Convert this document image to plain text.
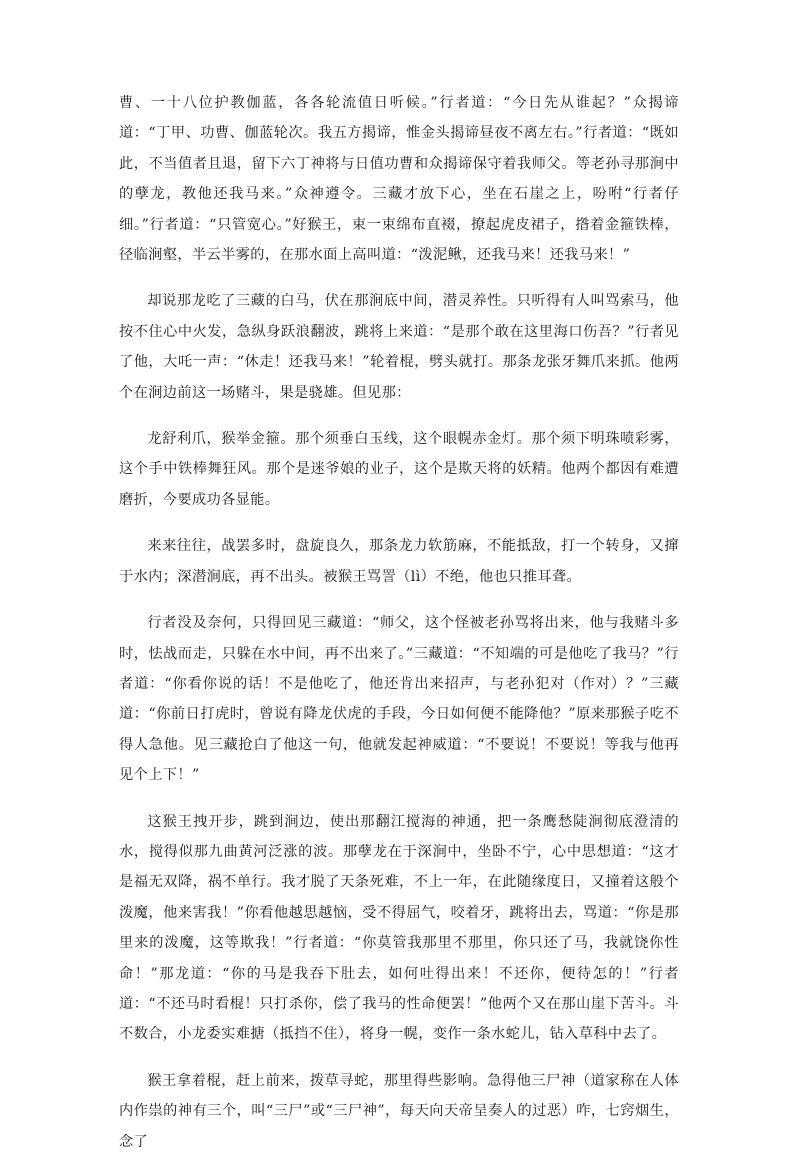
曹、一十八位护教伽蓝，各各轮流值日听候。”行者道：“今日先从谁起？”众揭谛道：“丁甲、功曹、伽蓝轮次。我五方揭谛，惟金头揭谛昼夜不离左右。”行者道：“既如此，不当值者且退，留下六丁神将与日值功曹和众揭谛保守着我师父。等老孙寻那涧中的孽龙，教他还我马来。”众神遵令。三藏才放下心，坐在石崖之上，吩咐“行者仔细。”行者道：“只管宽心。”好猴王，束一束绵布直裰，撩起虎皮裙子，揝着金箍铁棒，径临涧壑，半云半雾的，在那水面上高叫道：“泼泥鳅，还我马来！还我马来！”

却说那龙吃了三藏的白马，伏在那涧底中间，潜灵养性。只听得有人叫骂索马，他按不住心中火发，急纵身跃浪翻波，跳将上来道：“是那个敢在这里海口伤吾？”行者见了他，大吒一声：“休走！还我马来！”轮着棍，劈头就打。那条龙张牙舞爪来抓。他两个在涧边前这一场赌斗，果是骁雄。但见那：

龙舒利爪，猴举金箍。那个须垂白玉线，这个眼幌赤金灯。那个须下明珠喷彩雾，这个手中铁棒舞狂风。那个是迷爷娘的业子，这个是欺天将的妖精。他两个都因有难遭磨折，今要成功各显能。

来来往往，战罢多时，盘旋良久，那条龙力软筋麻，不能抵敌，打一个转身，又撺于水内；深潜涧底，再不出头。被猴王骂詈（lì）不绝，他也只推耳聋。

行者没及奈何，只得回见三藏道：“师父，这个怪被老孙骂将出来，他与我赌斗多时，怯战而走，只躲在水中间，再不出来了。”三藏道：“不知端的可是他吃了我马？”行者道：“你看你说的话！不是他吃了，他还肯出来招声，与老孙犯对（作对）？”三藏道：“你前日打虎时，曾说有降龙伏虎的手段，今日如何便不能降他？”原来那猴子吃不得人急他。见三藏抢白了他这一句，他就发起神威道：“不要说！不要说！等我与他再见个上下！”

这猴王拽开步，跳到涧边，使出那翻江搅海的神通，把一条鹰愁陡涧彻底澄清的水，搅得似那九曲黄河泛涨的波。那孽龙在于深涧中，坐卧不宁，心中思想道：“这才是福无双降，祸不单行。我才脱了天条死难，不上一年，在此随缘度日，又撞着这般个泼魔，他来害我！”你看他越思越恼，受不得屈气，咬着牙，跳将出去，骂道：“你是那里来的泼魔，这等欺我！”行者道：“你莫管我那里不那里，你只还了马，我就饶你性命！”那龙道：“你的马是我吞下肚去，如何吐得出来！不还你，便待怎的！”行者道：“不还马时看棍！只打杀你，偿了我马的性命便罢！”他两个又在那山崖下苦斗。斗不数合，小龙委实难搪（抵挡不住），将身一幌，变作一条水蛇儿，钻入草科中去了。

猴王拿着棍，赶上前来，拨草寻蛇，那里得些影响。急得他三尸神（道家称在人体内作祟的神有三个，叫“三尸”或“三尸神”，每天向天帝呈奏人的过恶）咋，七窍烟生，念了
